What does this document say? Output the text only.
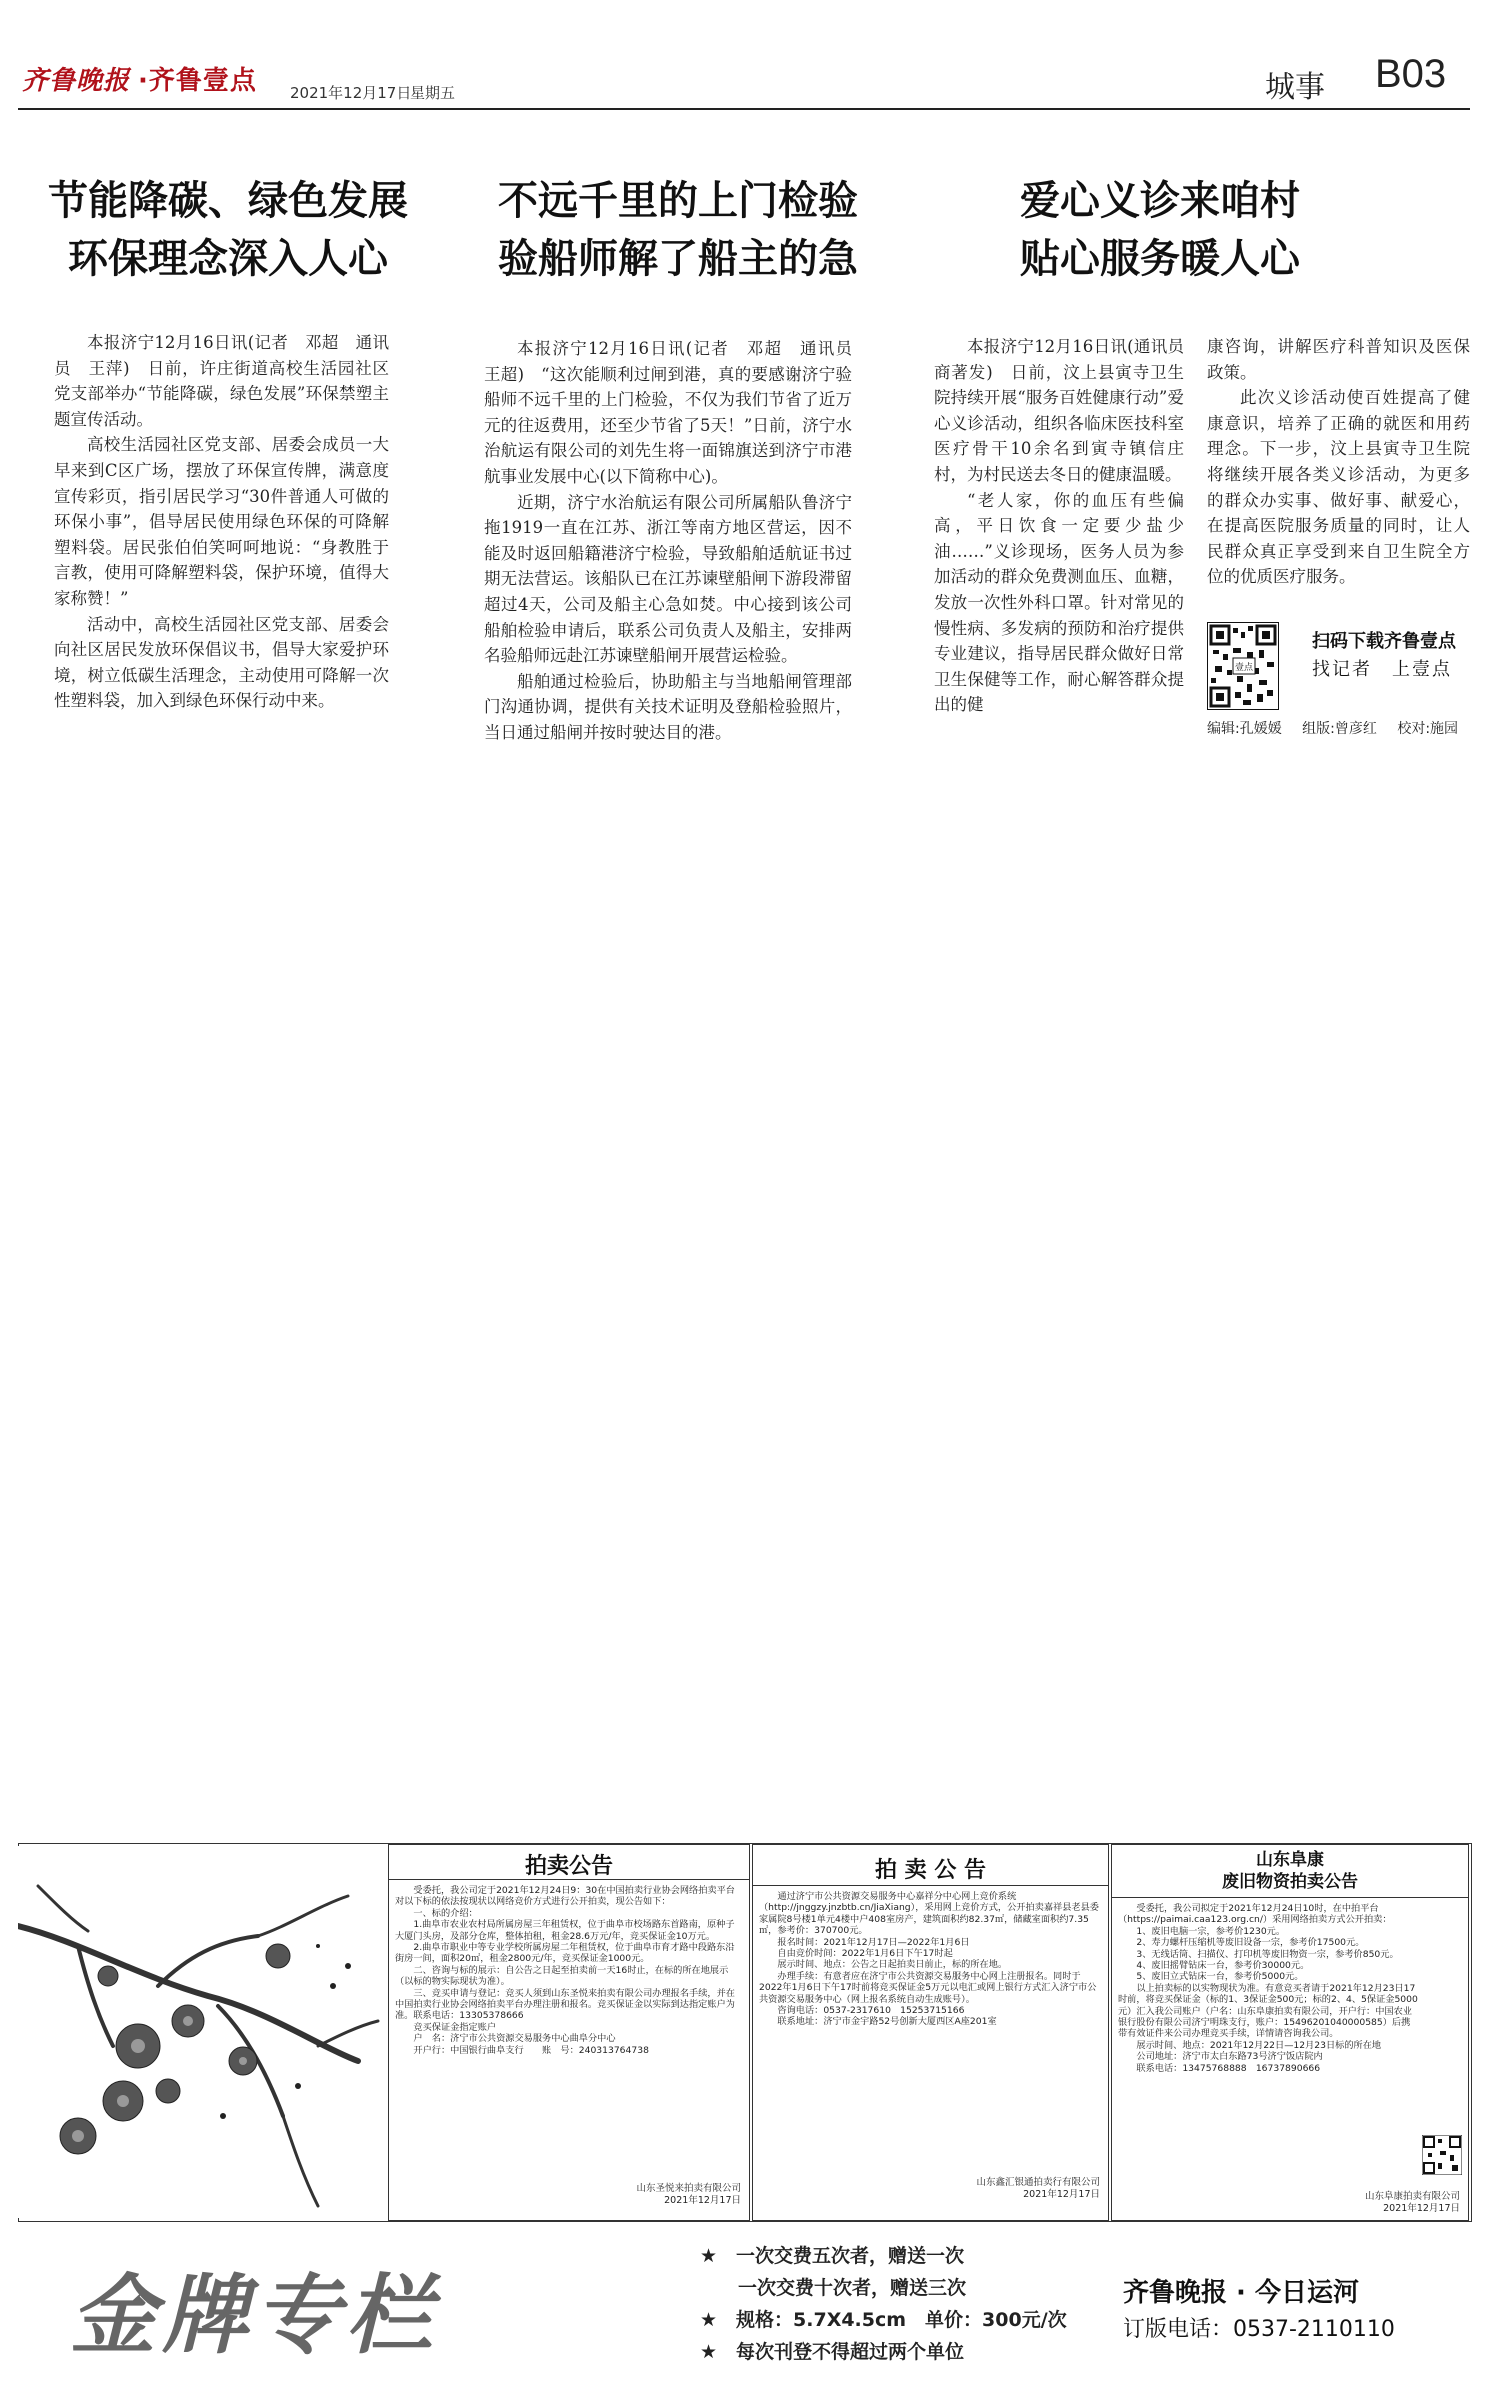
齐鲁晚报 ·齐鲁壹点 2021年12月17日
星期五	城事 B03
节能降碳、绿色发展
环保理念深入人心

本报济宁12月16日讯(记者　邓超　通讯员　王萍)　日前，许庄街道高校生活园社区党支部举办“节能降碳，绿色发展”环保禁塑主题宣传活动。

高校生活园社区党支部、居委会成员一大早来到C区广场，摆放了环保宣传牌，满意度宣传彩页，指引居民学习“30件普通人可做的环保小事”，倡导居民使用绿色环保的可降解塑料袋。居民张伯伯笑呵呵地说：“身教胜于言教，使用可降解塑料袋，保护环境，值得大家称赞！”

活动中，高校生活园社区党支部、居委会向社区居民发放环保倡议书，倡导大家爱护环境，树立低碳生活理念，主动使用可降解一次性塑料袋，加入到绿色环保行动中来。

不远千里的上门检验
验船师解了船主的急

本报济宁12月16日讯(记者　邓超　通讯员　王超)　“这次能顺利过闸到港，真的要感谢济宁验船师不远千里的上门检验，不仅为我们节省了近万元的往返费用，还至少节省了5天！”日前，济宁水治航运有限公司的刘先生将一面锦旗送到济宁市港航事业发展中心(以下简称中心)。

近期，济宁水治航运有限公司所属船队鲁济宁拖1919一直在江苏、浙江等南方地区营运，因不能及时返回船籍港济宁检验，导致船舶适航证书过期无法营运。该船队已在江苏谏壁船闸下游段滞留超过4天，公司及船主心急如焚。中心接到该公司船舶检验申请后，联系公司负责人及船主，安排两名验船师远赴江苏谏壁船闸开展营运检验。

船舶通过检验后，协助船主与当地船闸管理部门沟通协调，提供有关技术证明及登船检验照片，当日通过船闸并按时驶达目的港。

爱心义诊来咱村
贴心服务暖人心

本报济宁12月16日讯(通讯员　商著发)　日前，汶上县寅寺卫生院持续开展“服务百姓健康行动”爱心义诊活动，组织各临床医技科室医疗骨干10余名到寅寺镇信庄村，为村民送去冬日的健康温暖。

“老人家，你的血压有些偏高，平日饮食一定要少盐少油……”义诊现场，医务人员为参加活动的群众免费测血压、血糖，发放一次性外科口罩。针对常见的慢性病、多发病的预防和治疗提供专业建议，指导居民群众做好日常卫生保健等工作，耐心解答群众提出的健

康咨询，讲解医疗科普知识及医保政策。

此次义诊活动使百姓提高了健康意识，培养了正确的就医和用药理念。下一步，汶上县寅寺卫生院将继续开展各类义诊活动，为更多的群众办实事、做好事、献爱心，在提高医院服务质量的同时，让人民群众真正享受到来自卫生院全方位的优质医疗服务。

壹点
扫码下载齐鲁壹点
找记者　上壹点
编辑:孔媛媛 组版:曾彦红 校对:施园
拍卖公告

受委托，我公司定于2021年12月24日9：30在中国拍卖行业协会网络拍卖平台对以下标的依法按现状以网络竞价方式进行公开拍卖，现公告如下：

一、标的介绍：

1.曲阜市农业农村局所属房屋三年租赁权，位于曲阜市校场路东首路南，原种子大厦门头房，及部分仓库，整体拍租，租金28.6万元/年，竞买保证金10万元。

2.曲阜市职业中等专业学校所属房屋二年租赁权，位于曲阜市育才路中段路东沿街房一间，面积20㎡，租金2800元/年，竞买保证金1000元。

二、咨询与标的展示：自公告之日起至拍卖前一天16时止，在标的所在地展示（以标的物实际现状为准）。

三、竞买申请与登记：竞买人须到山东圣悦来拍卖有限公司办理报名手续，并在中国拍卖行业协会网络拍卖平台办理注册和报名。竞买保证金以实际到达指定账户为准。联系电话：13305378666

竞买保证金指定账户

户　名：济宁市公共资源交易服务中心曲阜分中心

开户行：中国银行曲阜支行　　账　号：240313764738

山东圣悦来拍卖有限公司
2021年12月17日
拍 卖 公 告

通过济宁市公共资源交易服务中心嘉祥分中心网上竞价系统（http://jnggzy.jnzbtb.cn/JiaXiang），采用网上竞价方式，公开拍卖嘉祥县老县委家属院8号楼1单元4楼中户408室房产，建筑面积约82.37㎡，储藏室面积约7.35㎡，参考价：370700元。

报名时间：2021年12月17日—2022年1月6日

自由竞价时间：2022年1月6日下午17时起

展示时间、地点：公告之日起拍卖日前止，标的所在地。

办理手续：有意者应在济宁市公共资源交易服务中心网上注册报名。同时于2022年1月6日下午17时前将竞买保证金5万元以电汇或网上银行方式汇入济宁市公共资源交易服务中心（网上报名系统自动生成账号）。

咨询电话：0537-2317610　15253715166

联系地址：济宁市金宇路52号创新大厦西区A座201室

山东鑫汇银通拍卖行有限公司
2021年12月17日
山东阜康
废旧物资拍卖公告

受委托，我公司拟定于2021年12月24日10时，在中拍平台（https://paimai.caa123.org.cn/）采用网络拍卖方式公开拍卖：

1、废旧电脑一宗，参考价1230元。

2、寿力螺杆压缩机等废旧设备一宗，参考价17500元。

3、无线话筒、扫描仪、打印机等废旧物资一宗，参考价850元。

4、废旧摇臂钻床一台，参考价30000元。

5、废旧立式钻床一台，参考价5000元。

以上拍卖标的以实物现状为准。有意竞买者请于2021年12月23日17时前，将竞买保证金（标的1、3保证金500元；标的2、4、5保证金5000元）汇入我公司账户（户名：山东阜康拍卖有限公司，开户行：中国农业银行股份有限公司济宁明珠支行，账户：15496201040000585）后携带有效证件来公司办理竞买手续，详情请咨询我公司。

展示时间、地点：2021年12月22日—12月23日标的所在地

公司地址：济宁市太白东路73号济宁饭店院内

联系电话：13475768888　16737890666

山东阜康拍卖有限公司
2021年12月17日
金牌专栏
★　一次交费五次者，赠送一次
　　一次交费十次者，赠送三次
★　规格：5.7X4.5cm　单价：300元/次
★　每次刊登不得超过两个单位
齐鲁晚报 · 今日运河
订版电话：0537-2110110
